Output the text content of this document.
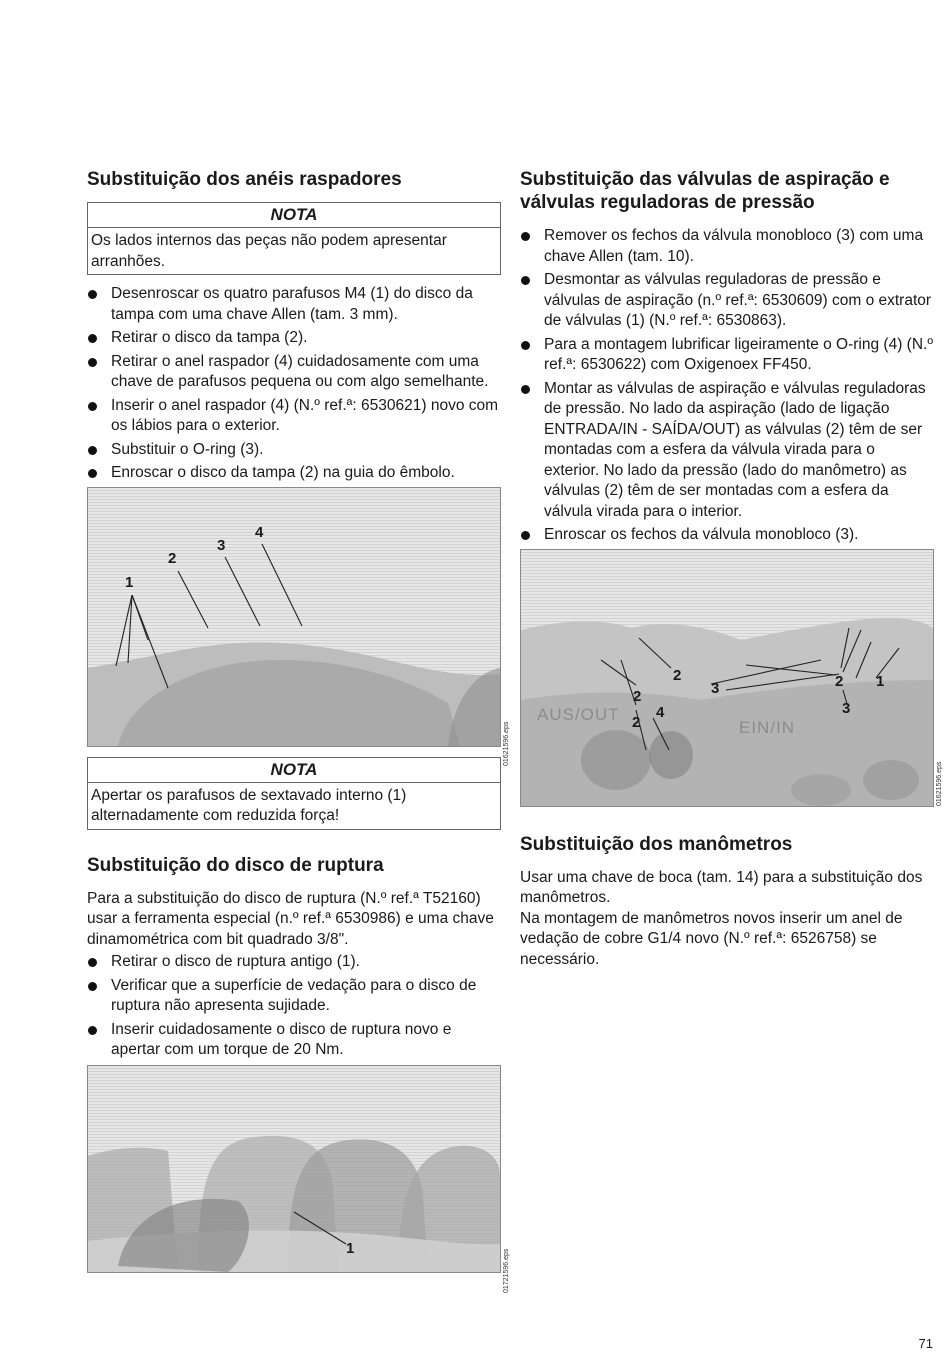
Substituição dos anéis raspadores
NOTA
Os lados internos das peças não podem apresentar arranhões.
Desenroscar os quatro parafusos M4 (1) do disco da tampa com uma chave Allen (tam. 3 mm).
Retirar o disco da tampa (2).
Retirar o anel raspador (4) cuidadosamente com uma chave de parafusos pequena ou com algo semelhante.
Inserir o anel raspador (4) (N.º ref.ª: 6530621) novo com os lábios para o exterior.
Substituir o O-ring (3).
Enroscar o disco da tampa (2) na guia do êmbolo.
1
2
3
4
01621596.eps
NOTA
Apertar os parafusos de sextavado interno (1) alternadamente com reduzida força!
Substituição do disco de ruptura

Para a substituição do disco de ruptura (N.º ref.ª T52160) usar a ferramenta especial (n.º ref.ª 6530986) e uma chave dinamométrica com bit quadrado 3/8".

Retirar o disco de ruptura antigo (1).
Verificar que a superfície de vedação para o disco de ruptura não apresenta sujidade.
Inserir cuidadosamente o disco de ruptura novo e apertar com um torque de 20 Nm.
1
01721596.eps
Substituição das válvulas de aspiração e válvulas reguladoras de pressão
Remover os fechos da válvula monobloco (3) com uma chave Allen (tam. 10).
Desmontar as válvulas reguladoras de pressão e válvulas de aspiração (n.º ref.ª: 6530609) com o extrator de válvulas (1) (N.º ref.ª: 6530863).
Para a montagem lubrificar ligeiramente o O-ring (4) (N.º ref.ª: 6530622) com Oxigenoex FF450.
Montar as válvulas de aspiração e válvulas reguladoras de pressão. No lado da aspiração (lado de ligação ENTRADA/IN - SAÍDA/OUT) as válvulas (2) têm de ser montadas com a esfera da válvula virada para o exterior. No lado da pressão (lado do manômetro) as válvulas (2) têm de ser montadas com a esfera da válvula virada para o interior.
Enroscar os fechos da válvula monobloco (3).
AUS/OUT
EIN/IN
2
3	2 1
2
4
2
3
01621596.eps
Substituição dos manômetros

Usar uma chave de boca (tam. 14) para a substituição dos manômetros.

Na montagem de manômetros novos inserir um anel de vedação de cobre G1/4 novo (N.º ref.ª: 6526758) se necessário.

71
